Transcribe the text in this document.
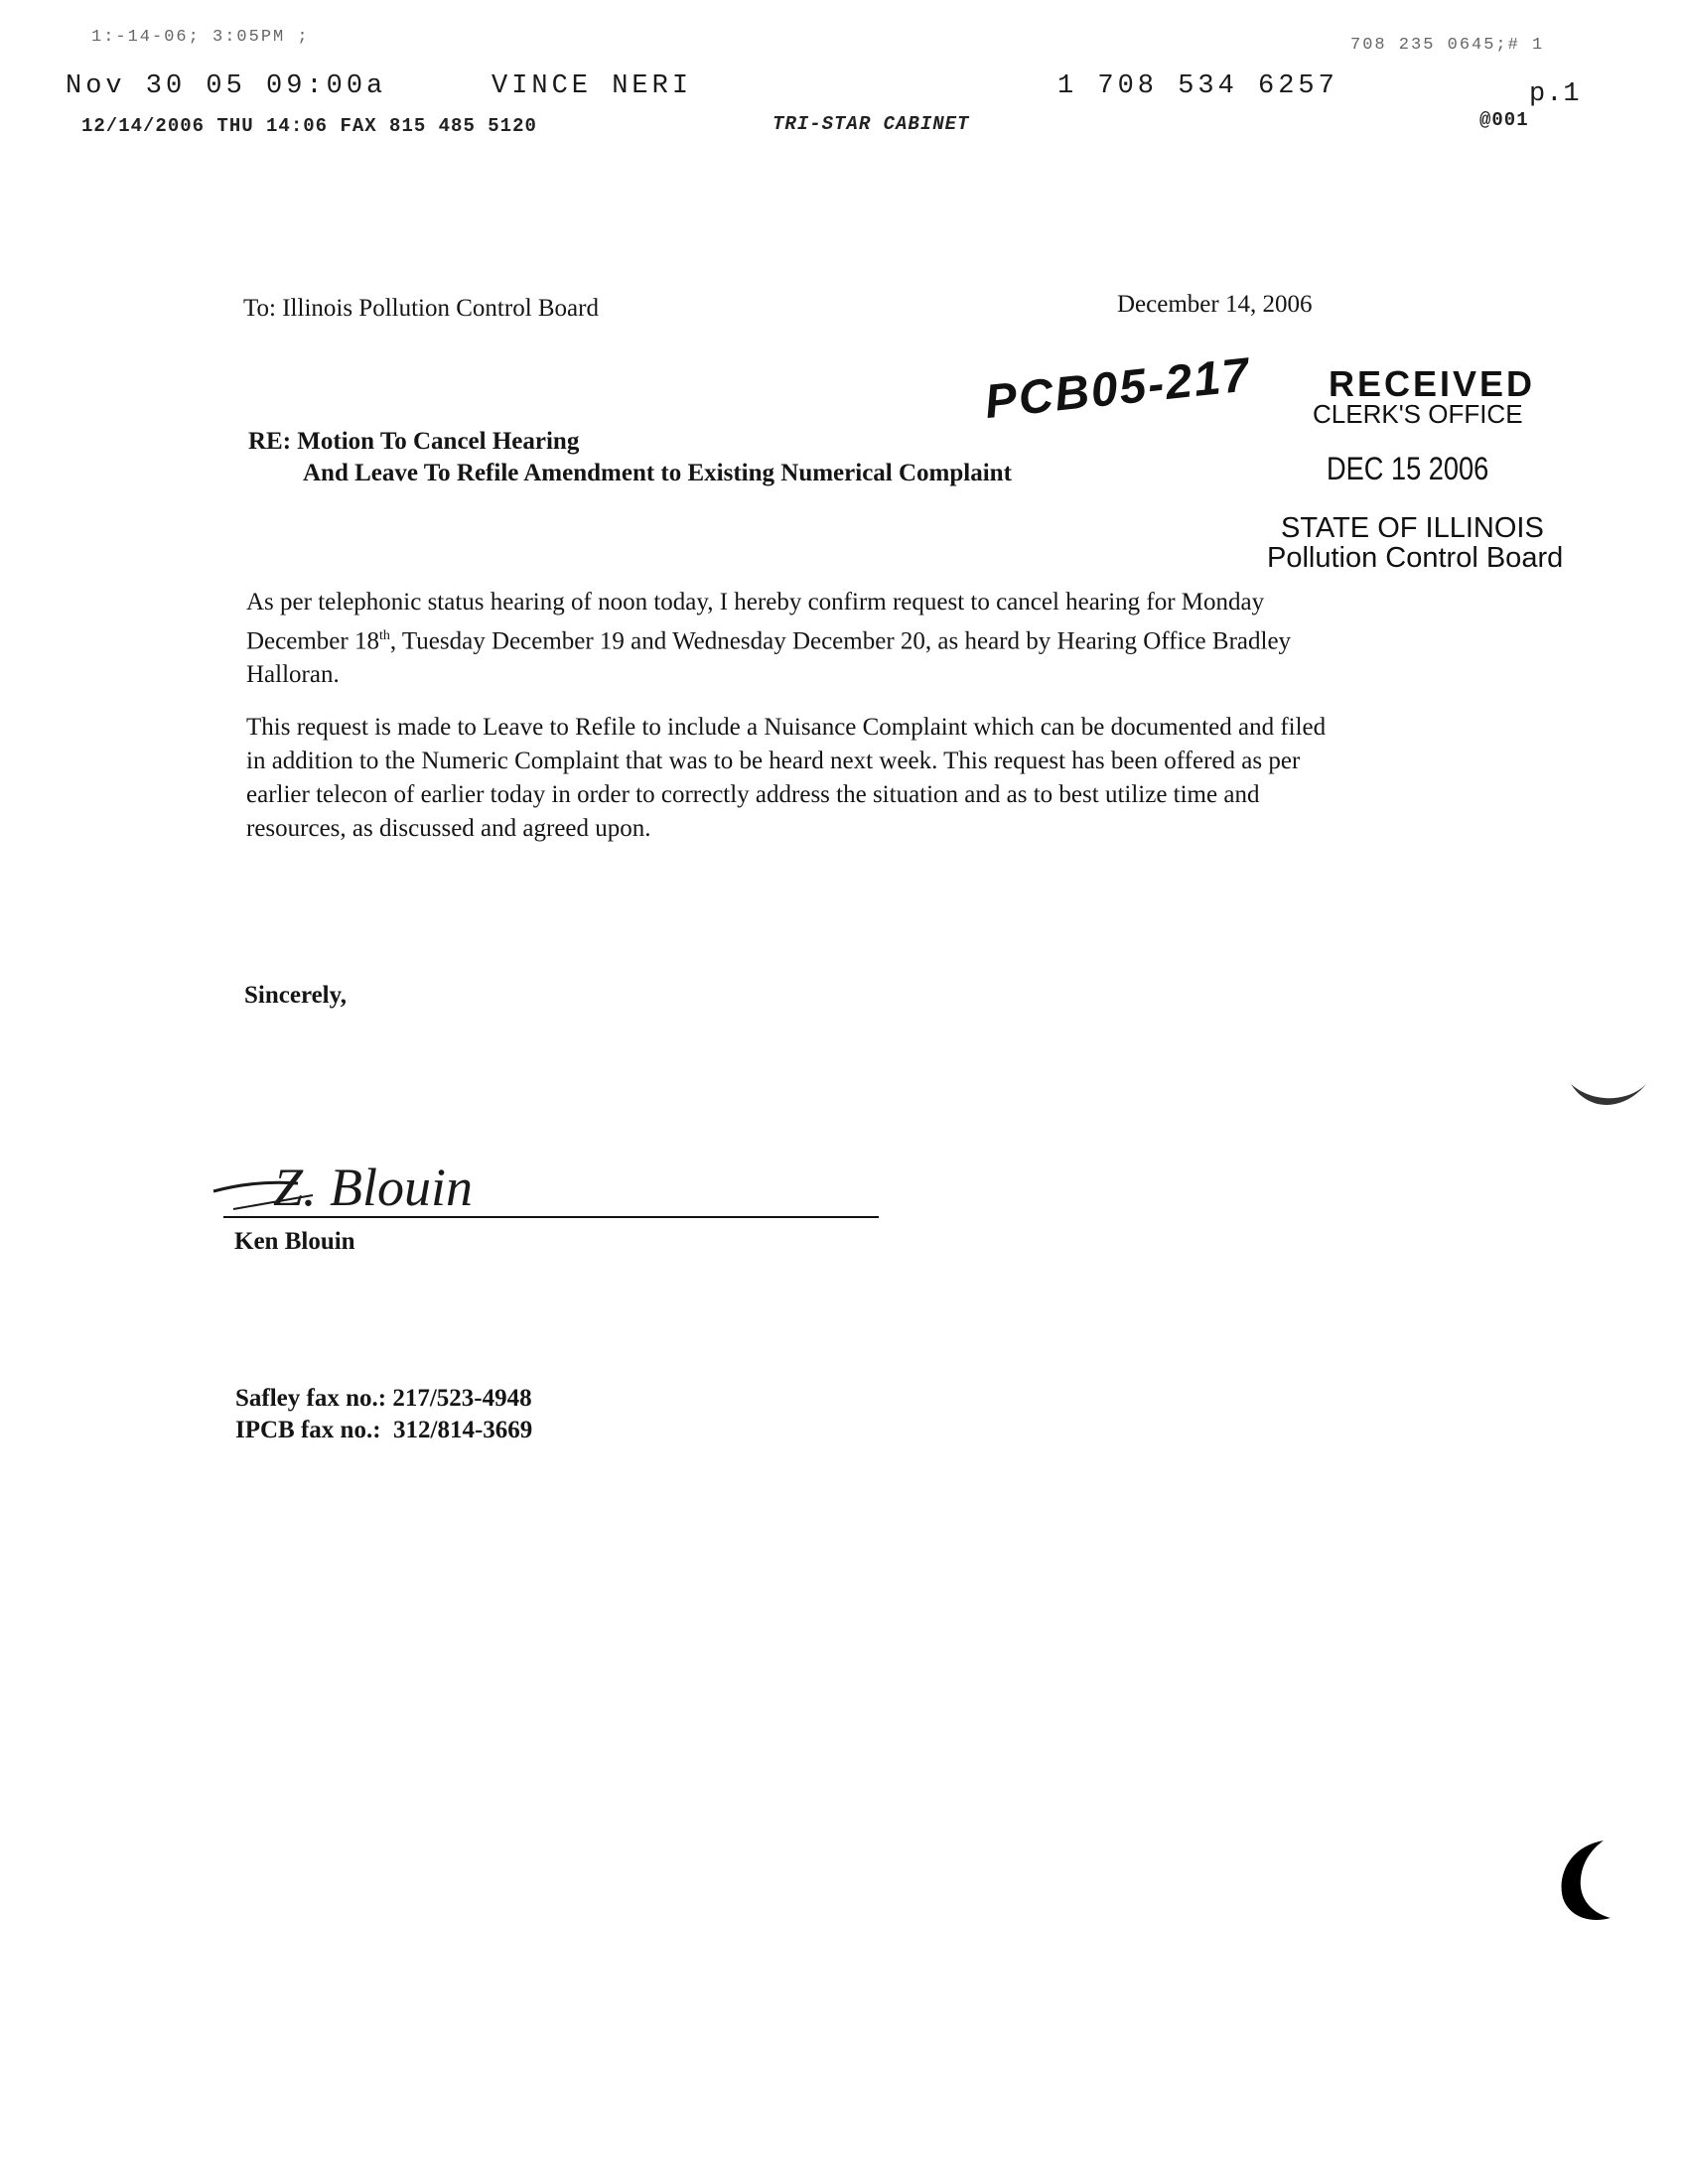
1:-14-06; 3:05PM ;	708 235 0645;# 1
Nov 30 05 09:00a	VINCE NERI	1 708 534 6257	p.1
12/14/2006 THU 14:06 FAX 815 485 5120	TRI-STAR CABINET	@001
To: Illinois Pollution Control Board	December 14, 2006
RE: Motion To Cancel Hearing
And Leave To Refile Amendment to Existing Numerical Complaint
PCB05-217 RECEIVED
CLERK'S OFFICE
DEC 15 2006
STATE OF ILLINOIS
Pollution Control Board
As per telephonic status hearing of noon today, I hereby confirm request to cancel hearing for Monday December 18th, Tuesday December 19 and Wednesday December 20, as heard by Hearing Office Bradley Halloran.
This request is made to Leave to Refile to include a Nuisance Complaint which can be documented and filed in addition to the Numeric Complaint that was to be heard next week. This request has been offered as per earlier telecon of earlier today in order to correctly address the situation and as to best utilize time and resources, as discussed and agreed upon.
Sincerely,
Z. Blouin
Ken Blouin
Safley fax no.: 217/523-4948
IPCB fax no.:  312/814-3669
